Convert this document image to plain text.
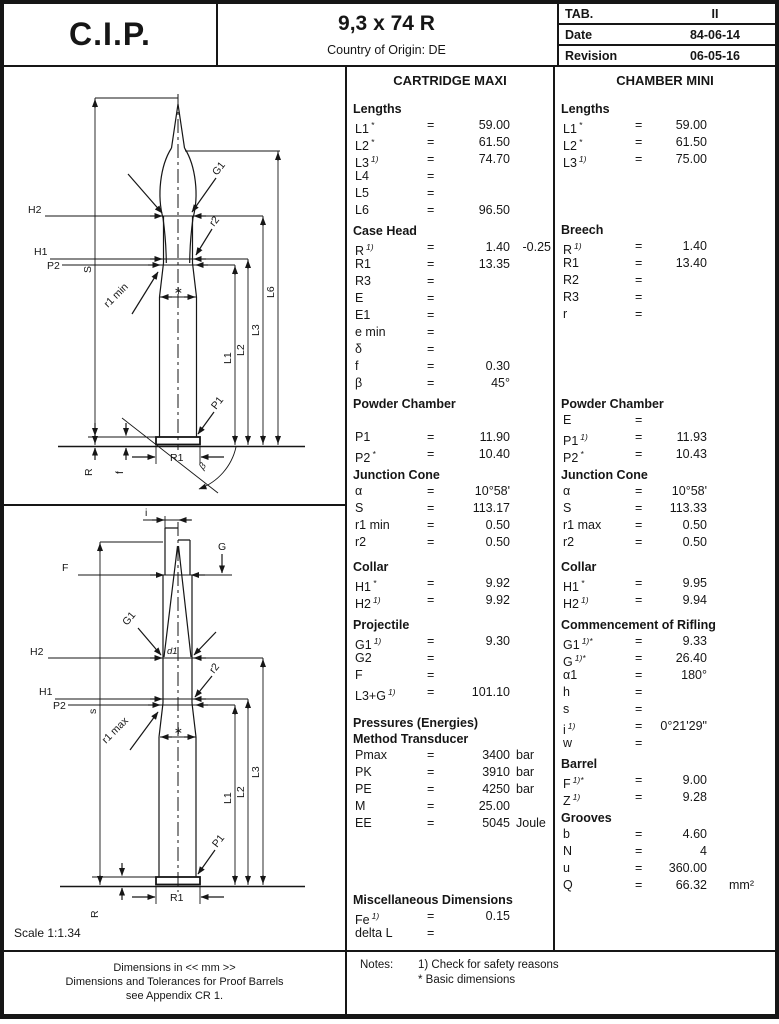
C.I.P.	9,3 x 74 R
Country of Origin: DE
TAB.	II
Date	84-06-14
Revision	06-05-16
H2
H1
P2 S
G1
r2
r1 min
P1
L1
L2
L3
L6
R1
β
R f
∗
i
G
F
G1
d1
H2
r2
H1
P2 s
r1 max
P1
L1
L2
L3
R1
R
∗
Scale 1:1.34
CARTRIDGE MAXI
Lengths
L1 *	=	59.00
L2 *	=	61.50
L3 $^{1)}$	=	74.70
L4	=
L5	=
L6	=	96.50
Case Head
R $^{1)}$	=	1.40	-0.25
R1	=	13.35
R3	=
E	=
E1	=
e min	=
δ	=
f	=	0.30
β	=	45°
Powder Chamber
P1	=	11.90
P2 *	=	10.40
Junction Cone
α	=	10°58'
S	=	113.17
r1 min	=	0.50
r2	=	0.50
Collar
H1 *	=	9.92
H2 $^{1)}$	=	9.92
Projectile
G1 $^{1)}$	=	9.30
G2	=
F	=
L3+G $^{1)}$	=	101.10
Pressures (Energies)
Method Transducer
Pmax	=	3400 bar
PK	=	3910 bar
PE	=	4250 bar
M	=	25.00
EE	=	5045 Joule
Miscellaneous Dimensions
Fe $^{1)}$	=	0.15
delta L	=
CHAMBER MINI
Lengths
L1 *	=	59.00
L2 *	=	61.50
L3 $^{1)}$	=	75.00
Breech
R $^{1)}$	=	1.40
R1	=	13.40
R2	=
R3	=
r	=
Powder Chamber
E	=
P1 $^{1)}$	=	11.93
P2 *	=	10.43
Junction Cone
α	=	10°58'
S	=	113.33
r1 max	=	0.50
r2	=	0.50
Collar
H1 *	=	9.95
H2 $^{1)}$	=	9.94
Commencement of Rifling
G1 $^{1)*}$	=	9.33
G $^{1)*}$	=	26.40
α1	=	180°
h	=
s	=
i $^{1)}$	=	0°21'29"
w	=
Barrel
F $^{1)*}$	=	9.00
Z $^{1)}$	=	9.28
Grooves
b	=	4.60
N	=	4
u	=	360.00
Q	=	66.32	mm²
Dimensions in << mm >>
Dimensions and Tolerances for Proof Barrels
see Appendix CR 1.
Notes:	1) Check for safety reasons
* Basic dimensions
